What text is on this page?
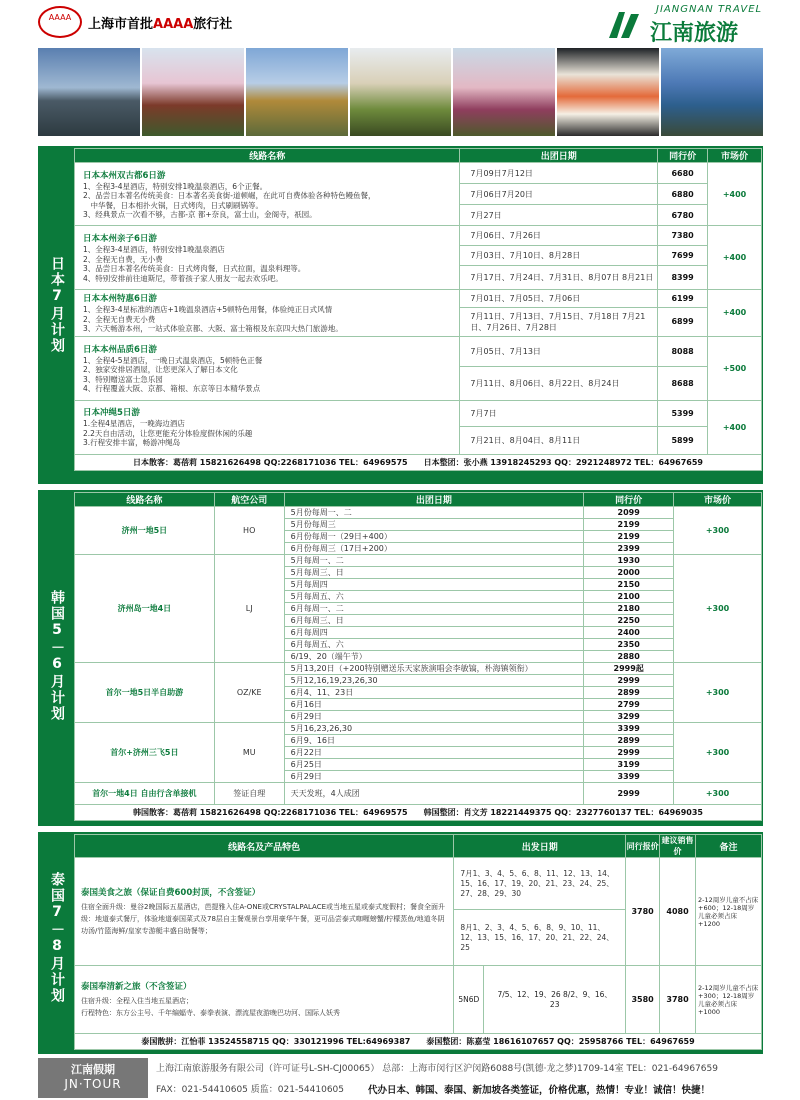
AAAA	上海市首批AAAA旅行社
JIANGNAN TRAVEL
江南旅游
日本7月计划
线路名称	出团日期	同行价	市场价

日本本州双古都6日游
1、全程3-4星酒店，特别安排1晚温泉酒店，6个正餐。
2、品尝日本著名传统美食：日本著名美食街-道顿崛，在此可自费体验各种特色鳗鱼餐，
　中华餐，日本相扑火锅，日式烤肉，日式刷刷锅等。
3、经典景点一次看不够，古都-京 都+奈良，富士山，金阁寺，祇园。	7月09日7月12日	6680	+400
	7月06日7月20日	6880	
	7月27日	6780	

日本本州亲子6日游
1、全程3-4星酒店，特别安排1晚温泉酒店
2、全程无自费，无小费
3、品尝日本著名传统美食：日式烤肉餐，日式拉面，温泉料理等。
4、特别安排前往迪斯尼，带着孩子家人朋友一起去欢乐吧。	7月06日、7月26日	7380	+400
	7月03日、7月10日、8月28日	7699	
	7月17日、7月24日、7月31日、8月07日 8月21日	8399	

日本本州特惠6日游
1、全程3-4星标准的酒店+1晚温泉酒店+5顿特色用餐，体验纯正日式风情
2、全程无自费无小费
3、六天畅游本州，一站式体验京都、大阪、富士箱根及东京四大热门旅游地。	7月01日、7月05日、7月06日	6199	+400
	7月11日、7月13日、7月15日、7月18日 7月21日、7月26日、7月28日	6899	

日本本州品质6日游
1、全程4-5星酒店，一晚日式温泉酒店，5顿特色正餐
2、独家安排居酒屋，让您更深入了解日本文化
3、特别赠送富士急乐园
4、行程覆盖大阪、京都、箱根、东京等日本精华景点	7月05日、7月13日	8088	+500
	7月11日、8月06日、8月22日、8月24日	8688	

日本冲绳5日游
1.全程4星酒店，一晚海边酒店
2.2天自由活动，让您更能充分体验度假休闲的乐趣
3.行程安排丰富，畅游冲绳岛	7月7日	5399	+400
	7月21日、8月04日、8月11日	5899	
日本散客：葛蓓莉 15821626498 QQ:2268171036 TEL：64969575　　日本整团：张小燕 13918245293 QQ：2921248972 TEL：64967659			
韩国5－6月计划
线路名称	航空公司	出团日期	同行价	市场价
济州一地5日	HO	5月份每周一、二	2099	+300
		5月份每周三	2199	
		6月份每周一（29日+400）	2199	
		6月份每周三（17日+200）	2399	
济州岛一地4日	LJ	5月每周一、二	1930	+300
		5月每周三、日	2000	
		5月每周四	2150	
		5月每周五、六	2100	
		6月每周一、二	2180	
		6月每周三、日	2250	
		6月每周四	2400	
		6月每周五、六	2350	
		6/19、20（端午节）	2880	
首尔一地5日半自助游	OZ/KE	5月13,20日（+200特别赠送乐天家族演唱会李敏镐，朴海镇领衔）	2999起	+300
		5月12,16,19,23,26,30	2999	
		6月4、11、23日	2899	
		6月16日	2799	
		6月29日	3299	
首尔+济州三飞5日	MU	5月16,23,26,30	3399	+300
		6月9、16日	2899	
		6月22日	2999	
		6月25日	3199	
		6月29日	3399	
首尔一地4日 自由行含单接机	签证自理	天天发班，4人成团	2999	+300
韩国散客：葛蓓莉 15821626498 QQ:2268171036 TEL：64969575　　韩国整团：肖文芳 18221449375 QQ：2327760137 TEL：64969035				
泰国7－8月计划
线路名及产品特色	出发日期		同行报价	建议销售价	备注

泰国美食之旅（保证自费600封顶，不含签证）
住宿全面升级：曼谷2晚国际五星酒店，芭提雅入住A-ONE或CRYSTALPALACE或当地五星或泰式度假村；餐食全面升级：地道泰式餐厅，体验地道泰国菜式及78层自主餐观景台享用豪华午餐，更可品尝泰式咖喱螃蟹/柠檬蒸鱼/地道冬阴功汤/竹篮海鲜/皇家专游艇丰盛自助餐等；	7月1、3、4、5、6、8、11、12、13、14、15、16、17、19、20、21、23、24、25、27、28、29、30		3780	4080	2-12周岁儿童不占床+600；12-18周岁儿童必须占床+1200
	8月1、2、3、4、5、6、8、9、10、11、12、13、15、16、17、20、21、22、24、25				

泰国奉清新之旅（不含签证）
住宿升级：全程入住当地五星酒店；
行程特色：东方公主号、千年编蝠寺、泰拳表演、漂流屋夜游晚巴功河、国际人妖秀	5N6D	7/5、12、19、26 8/2、9、16、23	3580	3780	2-12周岁儿童不占床+300；12-18周岁儿童必须占床+1000
泰国散拼：江怡菲 13524558715 QQ：330121996 TEL:64969387　　泰国整团：陈嘉莹 18616107657 QQ：25958766 TEL：64967659					
江南假期
JN·TOUR
上海江南旅游服务有限公司（许可证号L-SH-CJ00065） 总部：上海市闵行区沪闵路6088号(凯德·龙之梦)1709-14室 TEL：021-64967659
FAX：021-54410605 质监：021-54410605	代办日本、韩国、泰国、新加坡各类签证，价格优惠，热情！专业！诚信！快捷！
